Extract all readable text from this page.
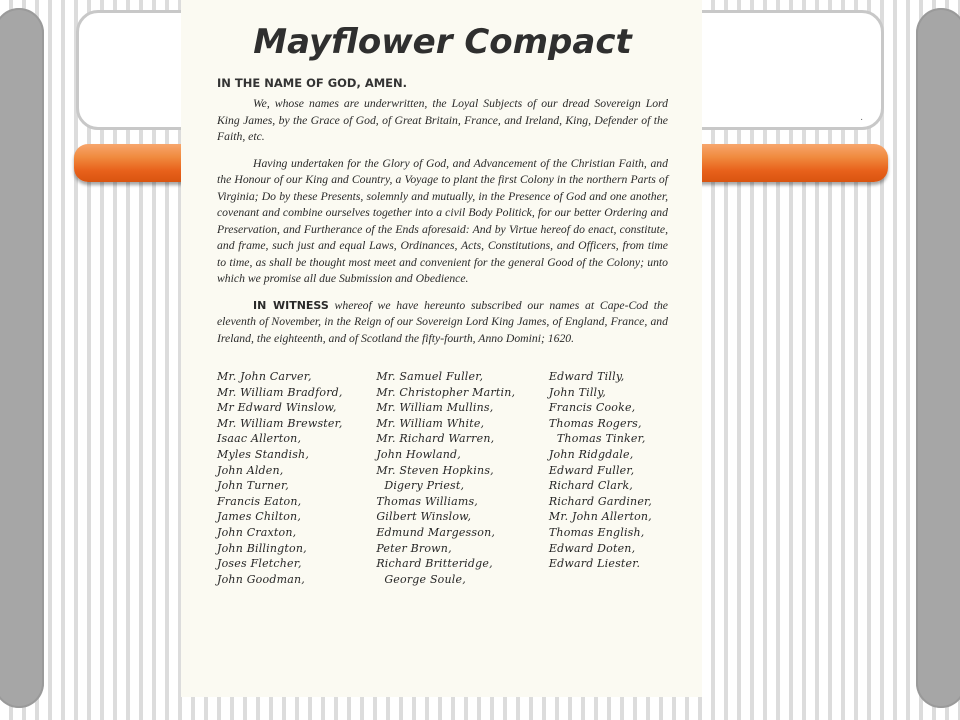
.
Mayflower Compact
IN THE NAME OF GOD, AMEN.

We, whose names are underwritten, the Loyal Subjects of our dread Sovereign Lord King James, by the Grace of God, of Great Britain, France, and Ireland, King, Defender of the Faith, etc.

Having undertaken for the Glory of God, and Advancement of the Christian Faith, and the Honour of our King and Country, a Voyage to plant the first Colony in the northern Parts of Virginia; Do by these Presents, solemnly and mutually, in the Presence of God and one another, covenant and combine ourselves together into a civil Body Politick, for our better Ordering and Preservation, and Furtherance of the Ends aforesaid: And by Virtue hereof do enact, constitute, and frame, such just and equal Laws, Ordinances, Acts, Constitutions, and Officers, from time to time, as shall be thought most meet and convenient for the general Good of the Colony; unto which we promise all due Submission and Obedience.

IN WITNESS whereof we have hereunto subscribed our names at Cape-Cod the eleventh of November, in the Reign of our Sovereign Lord King James, of England, France, and Ireland, the eighteenth, and of Scotland the fifty-fourth, Anno Domini; 1620.

Mr. John Carver,
Mr. William Bradford,
Mr Edward Winslow,
Mr. William Brewster,
Isaac Allerton,
Myles Standish,
John Alden,
John Turner,
Francis Eaton,
James Chilton,
John Craxton,
John Billington,
Joses Fletcher,
John Goodman,
Mr. Samuel Fuller,
Mr. Christopher Martin,
Mr. William Mullins,
Mr. William White,
Mr. Richard Warren,
John Howland,
Mr. Steven Hopkins,
Digery Priest,
Thomas Williams,
Gilbert Winslow,
Edmund Margesson,
Peter Brown,
Richard Britteridge,
George Soule,
Edward Tilly,
John Tilly,
Francis Cooke,
Thomas Rogers,
Thomas Tinker,
John Ridgdale,
Edward Fuller,
Richard Clark,
Richard Gardiner,
Mr. John Allerton,
Thomas English,
Edward Doten,
Edward Liester.
